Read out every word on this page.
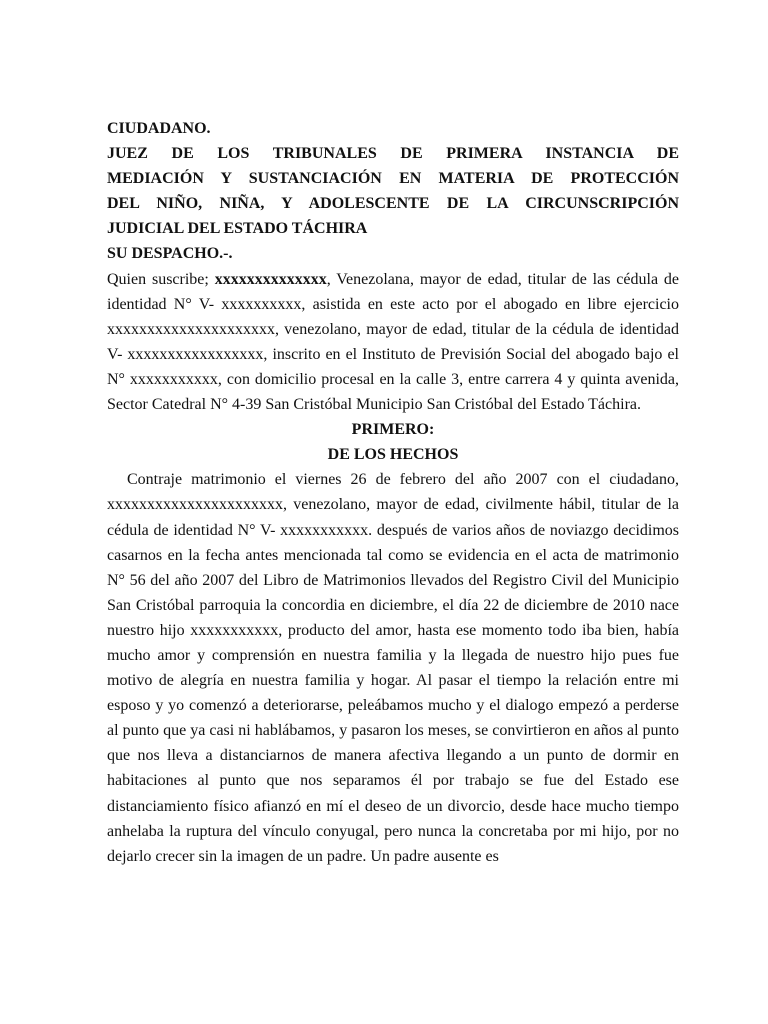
CIUDADANO.
JUEZ DE LOS TRIBUNALES DE PRIMERA INSTANCIA DE
MEDIACIÓN Y SUSTANCIACIÓN EN MATERIA DE PROTECCIÓN
DEL NIÑO, NIÑA, Y ADOLESCENTE DE LA CIRCUNSCRIPCIÓN
JUDICIAL DEL ESTADO TÁCHIRA
SU DESPACHO.-.

Quien suscribe; xxxxxxxxxxxxxx, Venezolana, mayor de edad, titular de las cédula de identidad N° V- xxxxxxxxxx, asistida en este acto por el abogado en libre ejercicio xxxxxxxxxxxxxxxxxxxxx, venezolano, mayor de edad, titular de la cédula de identidad V- xxxxxxxxxxxxxxxxx, inscrito en el Instituto de Previsión Social del abogado bajo el N° xxxxxxxxxxx, con domicilio procesal en la calle 3, entre carrera 4 y quinta avenida, Sector Catedral N° 4-39 San Cristóbal Municipio San Cristóbal del Estado Táchira.

PRIMERO:
DE LOS HECHOS

Contraje matrimonio el viernes 26 de febrero del año 2007 con el ciudadano, xxxxxxxxxxxxxxxxxxxxxx, venezolano, mayor de edad, civilmente hábil, titular de la cédula de identidad N° V- xxxxxxxxxxx. después de varios años de noviazgo decidimos casarnos en la fecha antes mencionada tal como se evidencia en el acta de matrimonio N° 56 del año 2007 del Libro de Matrimonios llevados del Registro Civil del Municipio San Cristóbal parroquia la concordia en diciembre, el día 22 de diciembre de 2010 nace nuestro hijo xxxxxxxxxxx, producto del amor, hasta ese momento todo iba bien, había mucho amor y comprensión en nuestra familia y la llegada de nuestro hijo pues fue motivo de alegría en nuestra familia y hogar. Al pasar el tiempo la relación entre mi esposo y yo comenzó a deteriorarse, peleábamos mucho y el dialogo empezó a perderse al punto que ya casi ni hablábamos, y pasaron los meses, se convirtieron en años al punto que nos lleva a distanciarnos de manera afectiva llegando a un punto de dormir en habitaciones al punto que nos separamos él por trabajo se fue del Estado ese distanciamiento físico afianzó en mí el deseo de un divorcio, desde hace mucho tiempo anhelaba la ruptura del vínculo conyugal, pero nunca la concretaba por mi hijo, por no dejarlo crecer sin la imagen de un padre. Un padre ausente es
